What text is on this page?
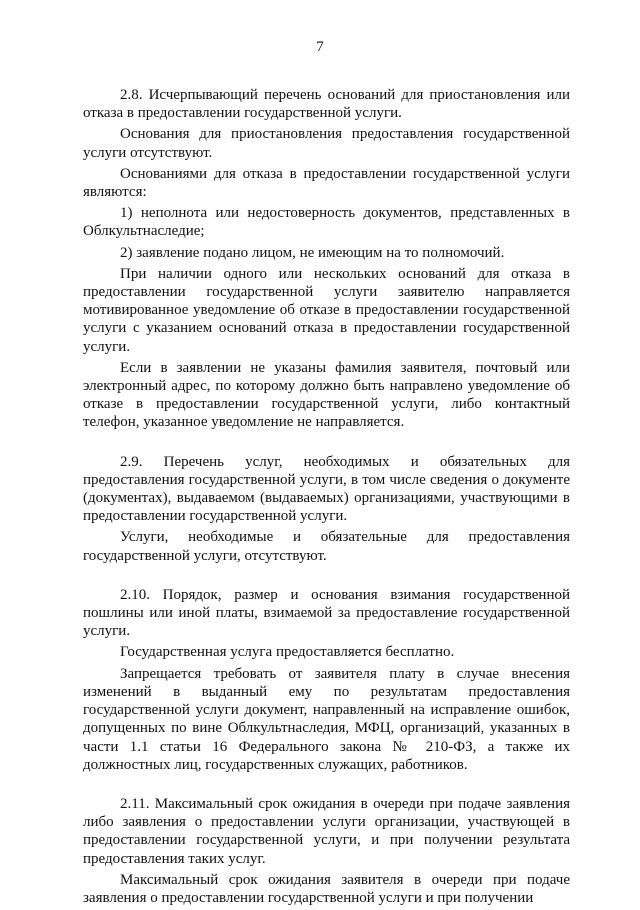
7

2.8. Исчерпывающий перечень оснований для приостановления или отказа в предоставлении государственной услуги.

Основания для приостановления предоставления государственной услуги отсутствуют.

Основаниями для отказа в предоставлении государственной услуги являются:

1) неполнота или недостоверность документов, представленных в Облкультнаследие;

2) заявление подано лицом, не имеющим на то полномочий.

При наличии одного или нескольких оснований для отказа в предоставлении государственной услуги заявителю направляется мотивированное уведомление об отказе в предоставлении государственной услуги с указанием оснований отказа в предоставлении государственной услуги.

Если в заявлении не указаны фамилия заявителя, почтовый или электронный адрес, по которому должно быть направлено уведомление об отказе в предоставлении государственной услуги, либо контактный телефон, указанное уведомление не направляется.

2.9. Перечень услуг, необходимых и обязательных для предоставления государственной услуги, в том числе сведения о документе (документах), выдаваемом (выдаваемых) организациями, участвующими в предоставлении государственной услуги.

Услуги, необходимые и обязательные для предоставления государственной услуги, отсутствуют.

2.10. Порядок, размер и основания взимания государственной пошлины или иной платы, взимаемой за предоставление государственной услуги.

Государственная услуга предоставляется бесплатно.

Запрещается требовать от заявителя плату в случае внесения изменений в выданный ему по результатам предоставления государственной услуги документ, направленный на исправление ошибок, допущенных по вине Облкультнаследия, МФЦ, организаций, указанных в части 1.1 статьи 16 Федерального закона № 210-ФЗ, а также их должностных лиц, государственных служащих, работников.

2.11. Максимальный срок ожидания в очереди при подаче заявления либо заявления о предоставлении услуги организации, участвующей в предоставлении государственной услуги, и при получении результата предоставления таких услуг.

Максимальный срок ожидания заявителя в очереди при подаче заявления о предоставлении государственной услуги и при получении
